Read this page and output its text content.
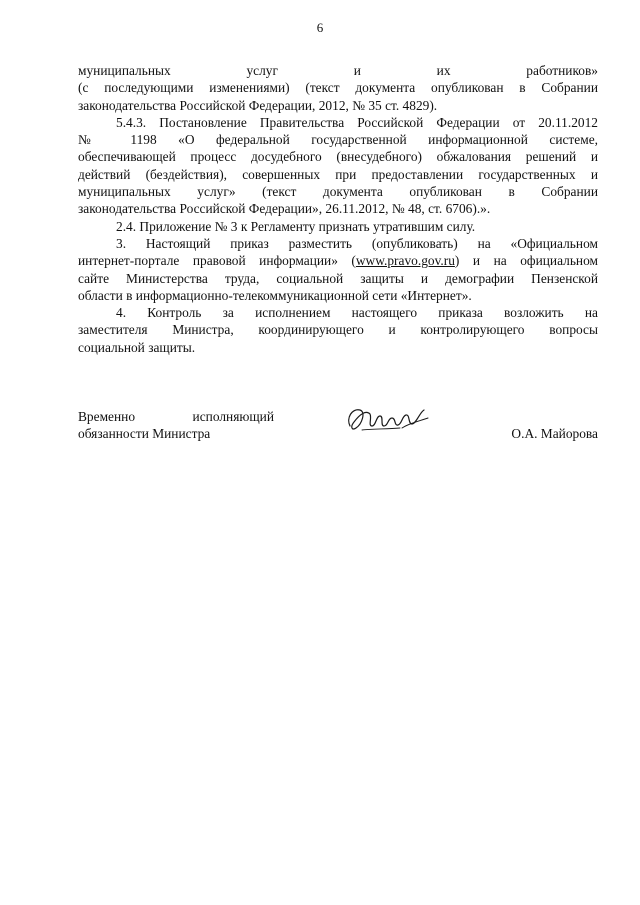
6
муниципальных услуг и их работников»
(с последующими изменениями) (текст документа опубликован в Собрании
законодательства Российской Федерации, 2012, № 35 ст. 4829).
5.4.3. Постановление Правительства Российской Федерации от 20.11.2012
№ 1198 «О федеральной государственной информационной системе,
обеспечивающей процесс досудебного (внесудебного) обжалования решений и
действий (бездействия), совершенных при предоставлении государственных и
муниципальных услуг» (текст документа опубликован в Собрании
законодательства Российской Федерации», 26.11.2012, № 48, ст. 6706).».
2.4. Приложение № 3 к Регламенту признать утратившим силу.
3. Настоящий приказ разместить (опубликовать) на «Официальном
интернет-портале правовой информации» (www.pravo.gov.ru) и на официальном
сайте Министерства труда, социальной защиты и демографии Пензенской
области в информационно-телекоммуникационной сети «Интернет».
4. Контроль за исполнением настоящего приказа возложить на
заместителя Министра, координирующего и контролирующего вопросы
социальной защиты.
Временно исполняющий
обязанности Министра	О.А. Майорова
